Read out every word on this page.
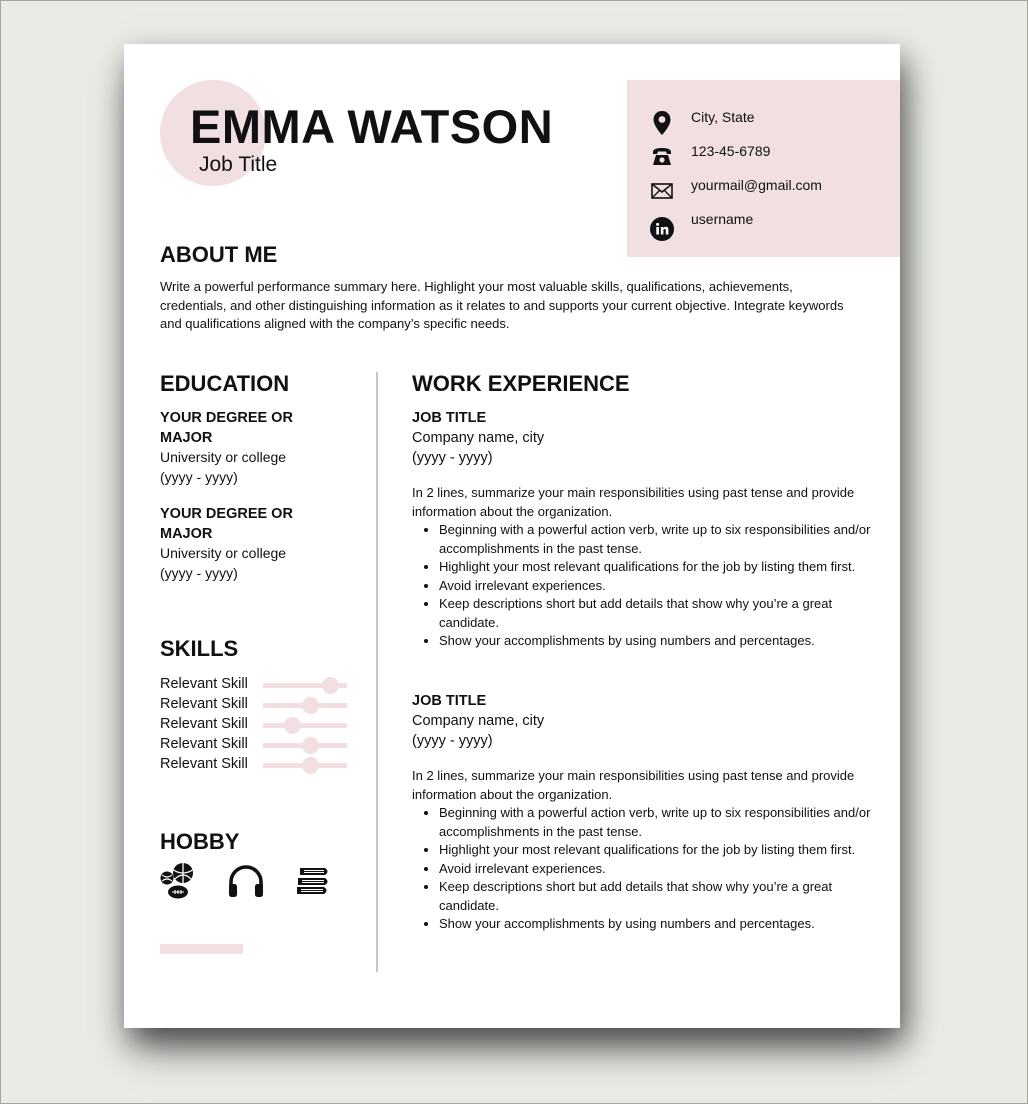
EMMA WATSON
Job Title
City, State
123-45-6789
yourmail@gmail.com
username
ABOUT ME

Write a powerful performance summary here. Highlight your most valuable skills, qualifications, achievements, credentials, and other distinguishing information as it relates to and supports your current objective. Integrate keywords and qualifications aligned with the company’s specific needs.

EDUCATION
YOUR DEGREE OR MAJOR
University or college
(yyyy - yyyy)
YOUR DEGREE OR MAJOR
University or college
(yyyy - yyyy)
SKILLS
Relevant Skill
Relevant Skill
Relevant Skill
Relevant Skill
Relevant Skill
HOBBY
WORK EXPERIENCE
JOB TITLE
Company name, city
(yyyy - yyyy)
In 2 lines, summarize your main responsibilities using past tense and provide information about the organization.
• Beginning with a powerful action verb, write up to six responsibilities and/or accomplishments in the past tense.
• Highlight your most relevant qualifications for the job by listing them first.
• Avoid irrelevant experiences.
• Keep descriptions short but add details that show why you’re a great candidate.
• Show your accomplishments by using numbers and percentages.
JOB TITLE
Company name, city
(yyyy - yyyy)
In 2 lines, summarize your main responsibilities using past tense and provide information about the organization.
• Beginning with a powerful action verb, write up to six responsibilities and/or accomplishments in the past tense.
• Highlight your most relevant qualifications for the job by listing them first.
• Avoid irrelevant experiences.
• Keep descriptions short but add details that show why you’re a great candidate.
• Show your accomplishments by using numbers and percentages.
